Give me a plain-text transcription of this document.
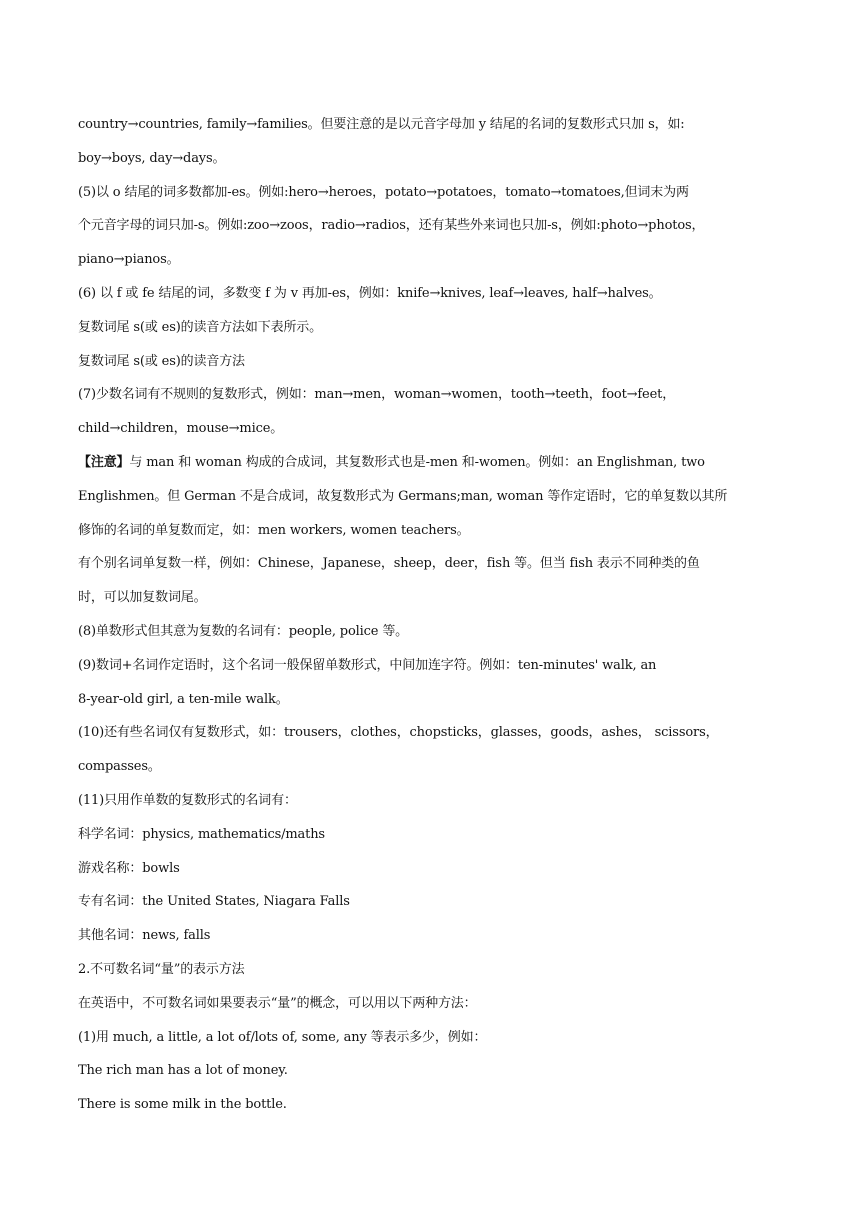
country→countries, family→families。但要注意的是以元音字母加 y 结尾的名词的复数形式只加 s，如:
boy→boys, day→days。
(5)以 o 结尾的词多数都加-es。例如:hero→heroes，potato→potatoes，tomato→tomatoes,但词末为两
个元音字母的词只加-s。例如:zoo→zoos，radio→radios，还有某些外来词也只加-s，例如:photo→photos，
piano→pianos。
(6) 以 f 或 fe 结尾的词，多数变 f 为 v 再加-es，例如：knife→knives, leaf→leaves, half→halves。
复数词尾 s(或 es)的读音方法如下表所示。
复数词尾 s(或 es)的读音方法
(7)少数名词有不规则的复数形式，例如：man→men，woman→women，tooth→teeth，foot→feet，
child→children，mouse→mice。
【注意】与 man 和 woman 构成的合成词，其复数形式也是-men 和-women。例如：an Englishman, two
Englishmen。但 German 不是合成词，故复数形式为 Germans;man, woman 等作定语时，它的单复数以其所
修饰的名词的单复数而定，如：men workers, women teachers。
有个别名词单复数一样，例如：Chinese，Japanese，sheep，deer，fish 等。但当 fish 表示不同种类的鱼
时，可以加复数词尾。
(8)单数形式但其意为复数的名词有：people, police 等。
(9)数词+名词作定语时，这个名词一般保留单数形式，中间加连字符。例如：ten-minutes' walk, an
8-year-old girl, a ten-mile walk。
(10)还有些名词仅有复数形式，如：trousers，clothes，chopsticks，glasses，goods，ashes， scissors，
compasses。
(11)只用作单数的复数形式的名词有：
科学名词：physics, mathematics/maths
游戏名称：bowls
专有名词：the United States, Niagara Falls
其他名词：news, falls
2.不可数名词“量”的表示方法
在英语中，不可数名词如果要表示“量”的概念，可以用以下两种方法：
(1)用 much, a little, a lot of/lots of, some, any 等表示多少，例如：
The rich man has a lot of money.
There is some milk in the bottle.
